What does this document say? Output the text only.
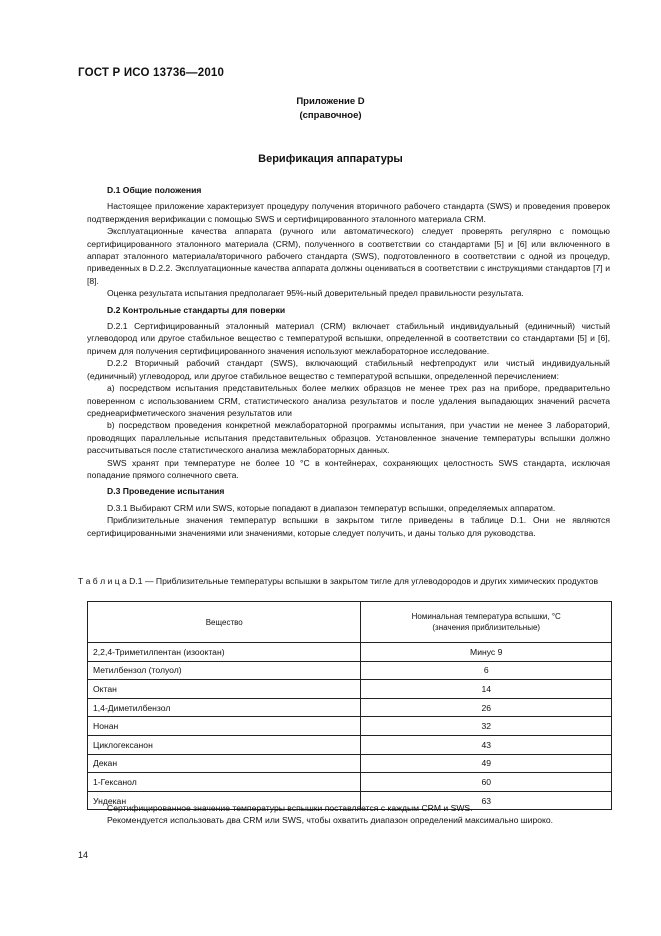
ГОСТ Р ИСО 13736—2010
Приложение D
(справочное)
Верификация аппаратуры

D.1 Общие положения

Настоящее приложение характеризует процедуру получения вторичного рабочего стандарта (SWS) и проведения проверок подтверждения верификации с помощью SWS и сертифицированного эталонного материала CRM.

Эксплуатационные качества аппарата (ручного или автоматического) следует проверять регулярно с помощью сертифицированного эталонного материала (CRM), полученного в соответствии со стандартами [5] и [6] или включенного в аппарат эталонного материала/вторичного рабочего стандарта (SWS), подготовленного в соответствии с одной из процедур, приведенных в D.2.2. Эксплуатационные качества аппарата должны оцениваться в соответствии с инструкциями стандартов [7] и [8].

Оценка результата испытания предполагает 95%-ный доверительный предел правильности результата.

D.2 Контрольные стандарты для поверки

D.2.1 Сертифицированный эталонный материал (CRM) включает стабильный индивидуальный (единичный) чистый углеводород или другое стабильное вещество с температурой вспышки, определенной в соответствии со стандартами [5] и [6], причем для получения сертифицированного значения используют межлабораторное исследование.

D.2.2 Вторичный рабочий стандарт (SWS), включающий стабильный нефтепродукт или чистый индивидуальный (единичный) углеводород, или другое стабильное вещество с температурой вспышки, определенной перечислением:

а) посредством испытания представительных более мелких образцов не менее трех раз на приборе, предварительно поверенном с использованием CRM, статистического анализа результатов и после удаления выпадающих значений расчета среднеарифметического значения результатов или

b) посредством проведения конкретной межлабораторной программы испытания, при участии не менее 3 лабораторий, проводящих параллельные испытания представительных образцов. Установленное значение температуры вспышки должно рассчитываться после статистического анализа межлабораторных данных.

SWS хранят при температуре не более 10 °C в контейнерах, сохраняющих целостность SWS стандарта, исключая попадание прямого солнечного света.

D.3 Проведение испытания

D.3.1 Выбирают CRM или SWS, которые попадают в диапазон температур вспышки, определяемых аппаратом.

Приблизительные значения температур вспышки в закрытом тигле приведены в таблице D.1. Они не являются сертифицированными значениями или значениями, которые следует получить, и даны только для руководства.

Т а б л и ц а D.1 — Приблизительные температуры вспышки в закрытом тигле для углеводородов и других химических продуктов
Вещество	Номинальная температура вспышки, °C
(значения приблизительные)

2,2,4-Триметилпентан (изооктан)	Минус 9
Метилбензол (толуол)	6
Октан	14
1,4-Диметилбензол	26
Нонан	32
Циклогексанон	43
Декан	49
1-Гексанол	60
Ундекан	63

Сертифицированное значение температуры вспышки поставляется с каждым CRM и SWS.

Рекомендуется использовать два CRM или SWS, чтобы охватить диапазон определений максимально широко.

14
